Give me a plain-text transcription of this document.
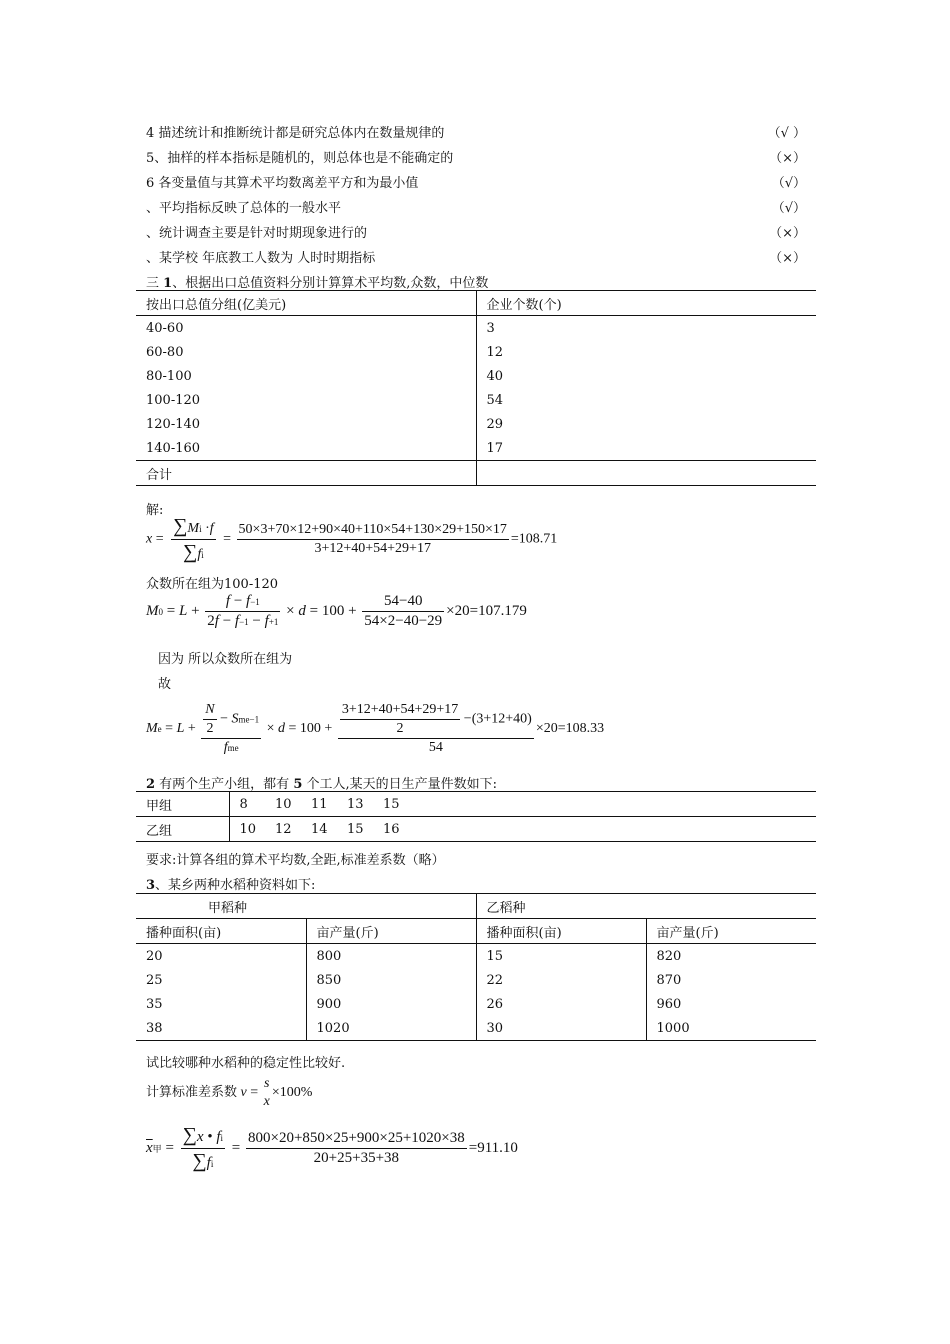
4 描述统计和推断统计都是研究总体内在数量规律的	（√ ）
5、抽样的样本指标是随机的，则总体也是不能确定的	（×）
6 各变量值与其算术平均数离差平方和为最小值	（√）
、平均指标反映了总体的一般水平	（√）
、统计调查主要是针对时期现象进行的	（×）
、某学校 年底教工人数为 人时时期指标	（×）
三 1、根据出口总值资料分别计算算术平均数,众数，中位数
按出口总值分组(亿美元)	企业个数(个)
40-60	3
60-80	12
80-100	40
100-120	54
120-140	29
140-160	17
合计	
解:
$x = \frac{\sum Mi \cdot f}{\sum fi} = \frac{50\times 3+70\times 12+90\times 40+110\times 54+130\times 29+150\times 17}{3+12+40+54+29+17} =108.71$
众数所在组为100-120
$M0 = L + \frac{f - f-1}{2f - f-1 - f+1} \times d = 100 + \frac{54-40}{54\times 2-40-29} \times 20=107.179$
因为 所以众数所在组为
故
$Me = L + \frac{\frac{N}{2} - Sme-1}{\text{fme}} \times d = 100 + \frac{\frac{3+12+40+54+29+17}{2} -(3+12+40)}{54} \times 20=108.33$
2 有两个生产小组，都有 5 个工人,某天的日生产量件数如下:
甲组	8	10	11	13	15
乙组	10	12	14	15	16
要求:计算各组的算术平均数,全距,标准差系数（略）
3、某乡两种水稻种资料如下:
甲稻种		乙稻种	
播种面积(亩)	亩产量(斤)	播种面积(亩)	亩产量(斤)
20	800	15	820
25	850	22	870
35	900	26	960
38	1020	30	1000
试比较哪种水稻种的稳定性比较好.
计算标准差系数 v =
s
x
×100%
$\overline{x}$甲 = $\frac{\sum x • fi}{\sum fi} = \frac{800\times 20+850\times 25+900\times 25+1020\times 38}{20+25+35+38} =911.10$
